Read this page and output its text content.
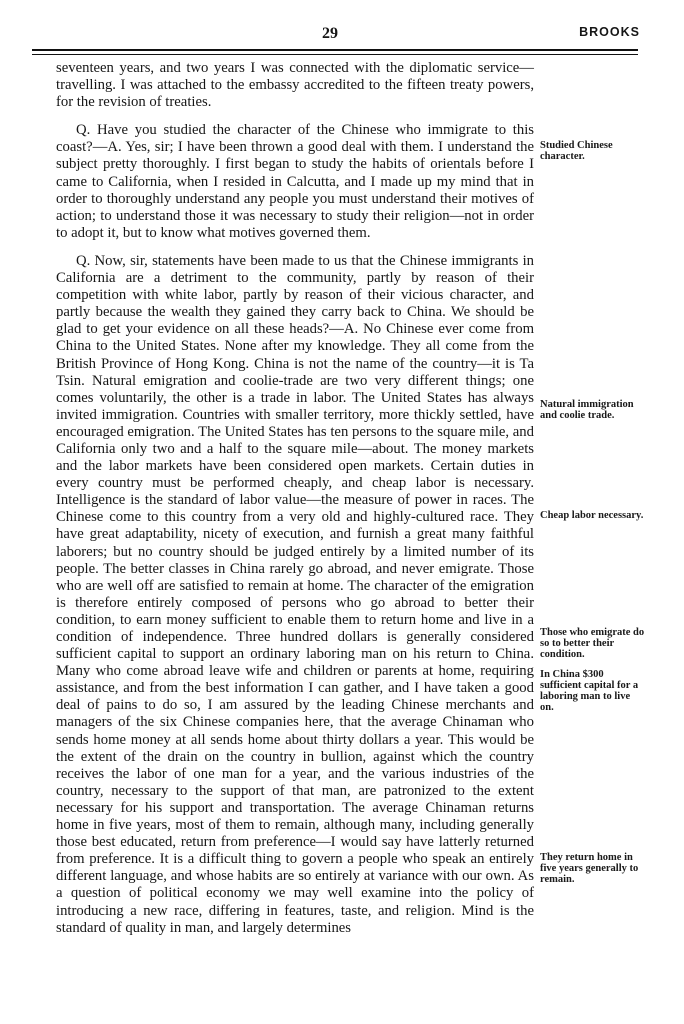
29	BROOKS

seventeen years, and two years I was connected with the diplomatic service—travelling. I was attached to the embassy accredited to the fifteen treaty powers, for the revision of treaties.

Q. Have you studied the character of the Chinese who immigrate to this coast?—A. Yes, sir; I have been thrown a good deal with them. I understand the subject pretty thoroughly. I first began to study the habits of orientals before I came to California, when I resided in Calcutta, and I made up my mind that in order to thoroughly understand any people you must understand their motives of action; to understand those it was necessary to study their religion—not in order to adopt it, but to know what motives governed them.

Q. Now, sir, statements have been made to us that the Chinese immigrants in California are a detriment to the community, partly by reason of their competition with white labor, partly by reason of their vicious character, and partly because the wealth they gained they carry back to China. We should be glad to get your evidence on all these heads?—A. No Chinese ever come from China to the United States. None after my knowledge. They all come from the British Province of Hong Kong. China is not the name of the country—it is Ta Tsin. Natural emigration and coolie-trade are two very different things; one comes voluntarily, the other is a trade in labor. The United States has always invited immigration. Countries with smaller territory, more thickly settled, have encouraged emigration. The United States has ten persons to the square mile, and California only two and a half to the square mile—about. The money markets and the labor markets have been considered open markets. Certain duties in every country must be performed cheaply, and cheap labor is necessary. Intelligence is the standard of labor value—the measure of power in races. The Chinese come to this country from a very old and highly-cultured race. They have great adaptability, nicety of execution, and furnish a great many faithful laborers; but no country should be judged entirely by a limited number of its people. The better classes in China rarely go abroad, and never emigrate. Those who are well off are satisfied to remain at home. The character of the emigration is therefore entirely composed of persons who go abroad to better their condition, to earn money sufficient to enable them to return home and live in a condition of independence. Three hundred dollars is generally considered sufficient capital to support an ordinary laboring man on his return to China. Many who come abroad leave wife and children or parents at home, requiring assistance, and from the best information I can gather, and I have taken a good deal of pains to do so, I am assured by the leading Chinese merchants and managers of the six Chinese companies here, that the average Chinaman who sends home money at all sends home about thirty dollars a year. This would be the extent of the drain on the country in bullion, against which the country receives the labor of one man for a year, and the various industries of the country, necessary to the support of that man, are patronized to the extent necessary for his support and transportation. The average Chinaman returns home in five years, most of them to remain, although many, including generally those best educated, return from preference—I would say have latterly returned from preference. It is a difficult thing to govern a people who speak an entirely different language, and whose habits are so entirely at variance with our own. As a question of political economy we may well examine into the policy of introducing a new race, differing in features, taste, and religion. Mind is the standard of quality in man, and largely determines

Studied Chinese character.
Natural immigration and coolie trade.
Cheap labor necessary.
Those who emigrate do so to better their condition.
In China $300 sufficient capital for a laboring man to live on.
They return home in five years generally to remain.
